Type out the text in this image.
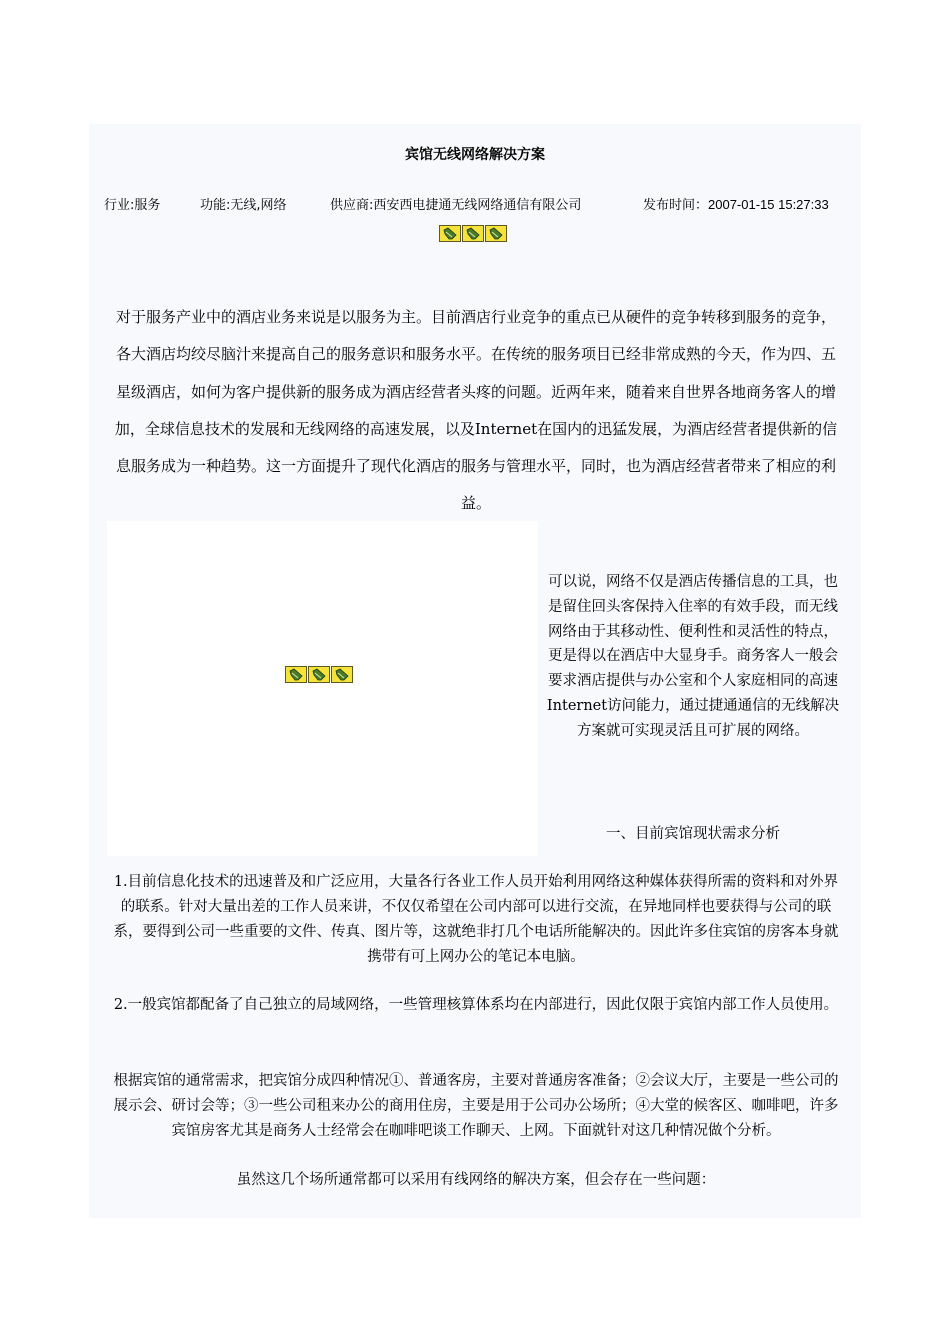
宾馆无线网络解决方案
行业:服务	功能:无线,网络	供应商:西安西电捷通无线网络通信有限公司	发布时间：2007-01-15 15:27:33
对于服务产业中的酒店业务来说是以服务为主。目前酒店行业竞争的重点已从硬件的竞争转移到服务的竞争，各大酒店均绞尽脑汁来提高自己的服务意识和服务水平。在传统的服务项目已经非常成熟的今天，作为四、五星级酒店，如何为客户提供新的服务成为酒店经营者头疼的问题。近两年来，随着来自世界各地商务客人的增加，全球信息技术的发展和无线网络的高速发展，以及Internet在国内的迅猛发展，为酒店经营者提供新的信息服务成为一种趋势。这一方面提升了现代化酒店的服务与管理水平，同时，也为酒店经营者带来了相应的利益。
可以说，网络不仅是酒店传播信息的工具，也是留住回头客保持入住率的有效手段，而无线网络由于其移动性、便利性和灵活性的特点，更是得以在酒店中大显身手。商务客人一般会要求酒店提供与办公室和个人家庭相同的高速Internet访问能力，通过捷通通信的无线解决方案就可实现灵活且可扩展的网络。
一、目前宾馆现状需求分析
1.目前信息化技术的迅速普及和广泛应用，大量各行各业工作人员开始利用网络这种媒体获得所需的资料和对外界的联系。针对大量出差的工作人员来讲，不仅仅希望在公司内部可以进行交流，在异地同样也要获得与公司的联系，要得到公司一些重要的文件、传真、图片等，这就绝非打几个电话所能解决的。因此许多住宾馆的房客本身就携带有可上网办公的笔记本电脑。
2.一般宾馆都配备了自己独立的局域网络，一些管理核算体系均在内部进行，因此仅限于宾馆内部工作人员使用。
根据宾馆的通常需求，把宾馆分成四种情况①、普通客房，主要对普通房客准备；②会议大厅，主要是一些公司的展示会、研讨会等；③一些公司租来办公的商用住房，主要是用于公司办公场所；④大堂的候客区、咖啡吧，许多宾馆房客尤其是商务人士经常会在咖啡吧谈工作聊天、上网。下面就针对这几种情况做个分析。
虽然这几个场所通常都可以采用有线网络的解决方案，但会存在一些问题：
